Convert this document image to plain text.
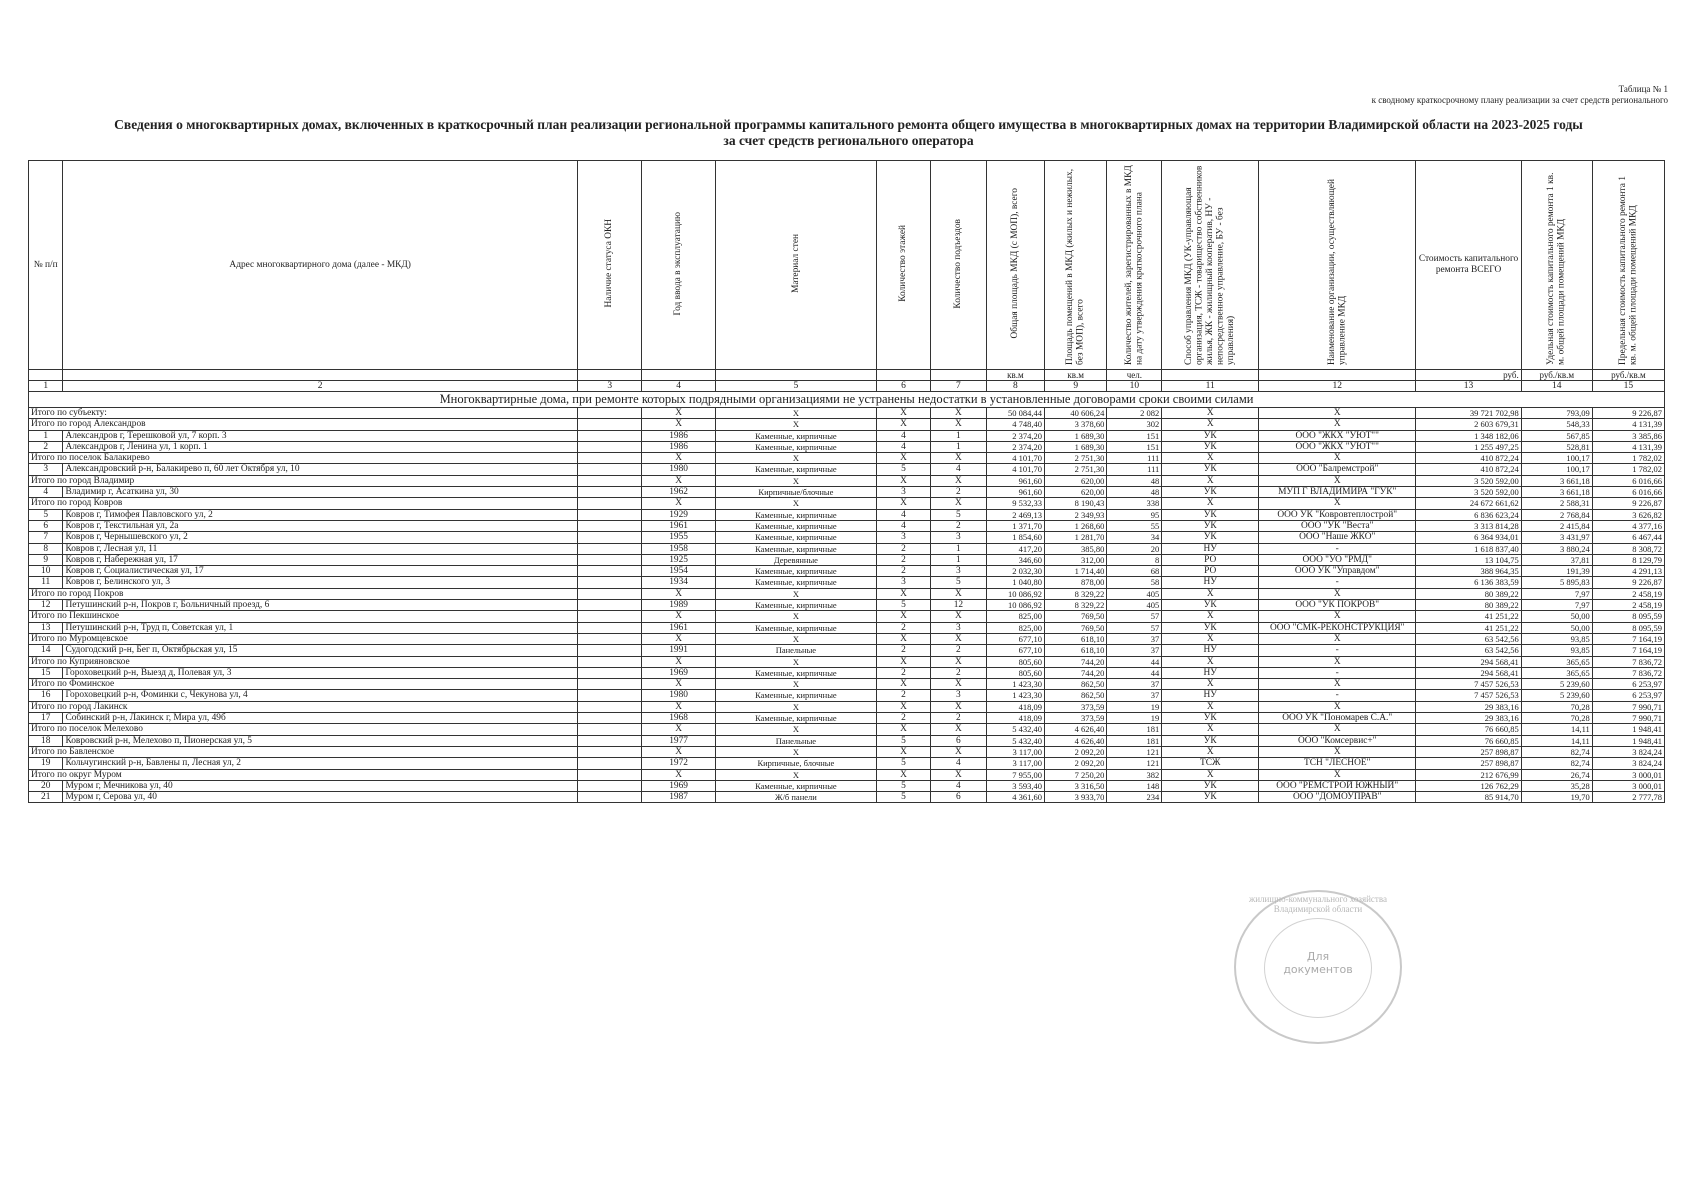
Таблица № 1
к сводному краткосрочному плану реализации за счет средств регионального
Сведения о многоквартирных домах, включенных в краткосрочный план реализации региональной программы капитального ремонта общего имущества в многоквартирных домах на территории Владимирской области на 2023-2025 годы
за счет средств регионального оператора
№ п/п	Адрес многоквартирного дома (далее - МКД)	Наличие статуса ОКН	Год ввода в эксплуатацию	Материал стен	Количество этажей	Количество подъездов	Общая площадь МКД (с МОП), всего	Площадь помещений в МКД (жилых и нежилых, без МОП), всего	Количество жителей, зарегистрированных в МКД на дату утверждения краткосрочного плана	Способ управления МКД (УК-управляющая организация, ТСЖ - товарищество собственников жилья, ЖК - жилищный кооператив, НУ - непосредственное управление, БУ - без управления)	Наименование организации, осуществляющей управление МКД	Стоимость капитального ремонта ВСЕГО	Удельная стоимость капитального ремонта 1 кв. м. общей площади помещений МКД	Предельная стоимость капитального ремонта 1 кв. м. общей площади помещений МКД
							кв.м	кв.м	чел.			руб.	руб./кв.м	руб./кв.м
1	2	3	4	5	6	7	8	9	10	11	12	13	14	15
Многоквартирные дома, при ремонте которых подрядными организациями не устранены недостатки в установленные договорами сроки своими силами														
Итого по субъекту:			X	X	X	X	50 084,44	40 606,24	2 082	X	X	39 721 702,98	793,09	9 226,87
Итого по город Александров			X	X	X	X	4 748,40	3 378,60	302	X	X	2 603 679,31	548,33	4 131,39
1	Александров г, Терешковой ул, 7 корп. 3		1986	Каменные, кирпичные	4	1	2 374,20	1 689,30	151	УК	ООО "ЖКХ "УЮТ""	1 348 182,06	567,85	3 385,86
2	Александров г, Ленина ул, 1 корп. 1		1986	Каменные, кирпичные	4	1	2 374,20	1 689,30	151	УК	ООО "ЖКХ "УЮТ""	1 255 497,25	528,81	4 131,39
Итого по поселок Балакирево			X	X	X	X	4 101,70	2 751,30	111	X	X	410 872,24	100,17	1 782,02
3	Александровский р-н, Балакирево п, 60 лет Октября ул, 10		1980	Каменные, кирпичные	5	4	4 101,70	2 751,30	111	УК	ООО "Балремстрой"	410 872,24	100,17	1 782,02
Итого по город Владимир			X	X	X	X	961,60	620,00	48	X	X	3 520 592,00	3 661,18	6 016,66
4	Владимир г, Асаткина ул, 30		1962	Кирпичные/блочные	3	2	961,60	620,00	48	УК	МУП Г ВЛАДИМИРА "ГУК"	3 520 592,00	3 661,18	6 016,66
Итого по город Ковров			X	X	X	X	9 532,33	8 190,43	338	X	X	24 672 661,62	2 588,31	9 226,87
5	Ковров г, Тимофея Павловского ул, 2		1929	Каменные, кирпичные	4	5	2 469,13	2 349,93	95	УК	ООО УК "Ковровтеплострой"	6 836 623,24	2 768,84	3 626,82
6	Ковров г, Текстильная ул, 2а		1961	Каменные, кирпичные	4	2	1 371,70	1 268,60	55	УК	ООО "УК "Веста"	3 313 814,28	2 415,84	4 377,16
7	Ковров г, Чернышевского ул, 2		1955	Каменные, кирпичные	3	3	1 854,60	1 281,70	34	УК	ООО "Наше ЖКО"	6 364 934,01	3 431,97	6 467,44
8	Ковров г, Лесная ул, 11		1958	Каменные, кирпичные	2	1	417,20	385,80	20	НУ	-	1 618 837,40	3 880,24	8 308,72
9	Ковров г, Набережная ул, 17		1925	Деревянные	2	1	346,60	312,00	8	РО	ООО "УО "РМД"	13 104,75	37,81	8 129,79
10	Ковров г, Социалистическая ул, 17		1954	Каменные, кирпичные	2	3	2 032,30	1 714,40	68	РО	ООО УК "Управдом"	388 964,35	191,39	4 291,13
11	Ковров г, Белинского ул, 3		1934	Каменные, кирпичные	3	5	1 040,80	878,00	58	НУ	-	6 136 383,59	5 895,83	9 226,87
Итого по город Покров			X	X	X	X	10 086,92	8 329,22	405	X	X	80 389,22	7,97	2 458,19
12	Петушинский р-н, Покров г, Больничный проезд, 6		1989	Каменные, кирпичные	5	12	10 086,92	8 329,22	405	УК	ООО "УК ПОКРОВ"	80 389,22	7,97	2 458,19
Итого по Пекшинское			X	X	X	X	825,00	769,50	57	X	X	41 251,22	50,00	8 095,59
13	Петушинский р-н, Труд п, Советская ул, 1		1961	Каменные, кирпичные	2	3	825,00	769,50	57	УК	ООО "СМК-РЕКОНСТРУКЦИЯ"	41 251,22	50,00	8 095,59
Итого по Муромцевское			X	X	X	X	677,10	618,10	37	X	X	63 542,56	93,85	7 164,19
14	Судогодский р-н, Бег п, Октябрьская ул, 15		1991	Панельные	2	2	677,10	618,10	37	НУ	-	63 542,56	93,85	7 164,19
Итого по Куприяновское			X	X	X	X	805,60	744,20	44	X	X	294 568,41	365,65	7 836,72
15	Гороховецкий р-н, Выезд д, Полевая ул, 3		1969	Каменные, кирпичные	2	2	805,60	744,20	44	НУ	-	294 568,41	365,65	7 836,72
Итого по Фоминское			X	X	X	X	1 423,30	862,50	37	X	X	7 457 526,53	5 239,60	6 253,97
16	Гороховецкий р-н, Фоминки с, Чекунова ул, 4		1980	Каменные, кирпичные	2	3	1 423,30	862,50	37	НУ	-	7 457 526,53	5 239,60	6 253,97
Итого по город Лакинск			X	X	X	X	418,09	373,59	19	X	X	29 383,16	70,28	7 990,71
17	Собинский р-н, Лакинск г, Мира ул, 49б		1968	Каменные, кирпичные	2	2	418,09	373,59	19	УК	ООО УК "Пономарев С.А."	29 383,16	70,28	7 990,71
Итого по поселок Мелехово			X	X	X	X	5 432,40	4 626,40	181	X	X	76 660,85	14,11	1 948,41
18	Ковровский р-н, Мелехово п, Пионерская ул, 5		1977	Панельные	5	6	5 432,40	4 626,40	181	УК	ООО "Комсервис+"	76 660,85	14,11	1 948,41
Итого по Бавленское			X	X	X	X	3 117,00	2 092,20	121	X	X	257 898,87	82,74	3 824,24
19	Кольчугинский р-н, Бавлены п, Лесная ул, 2		1972	Кирпичные, блочные	5	4	3 117,00	2 092,20	121	ТСЖ	ТСН "ЛЕСНОЕ"	257 898,87	82,74	3 824,24
Итого по округ Муром			X	X	X	X	7 955,00	7 250,20	382	X	X	212 676,99	26,74	3 000,01
20	Муром г, Мечникова ул, 40		1969	Каменные, кирпичные	5	4	3 593,40	3 316,50	148	УК	ООО "РЕМСТРОЙ ЮЖНЫЙ"	126 762,29	35,28	3 000,01
21	Муром г, Серова ул, 40		1987	Ж/б панели	5	6	4 361,60	3 933,70	234	УК	ООО "ДОМОУПРАВ"	85 914,70	19,70	2 777,78
жилищно-коммунального хозяйства Владимирской области
Для
документов
